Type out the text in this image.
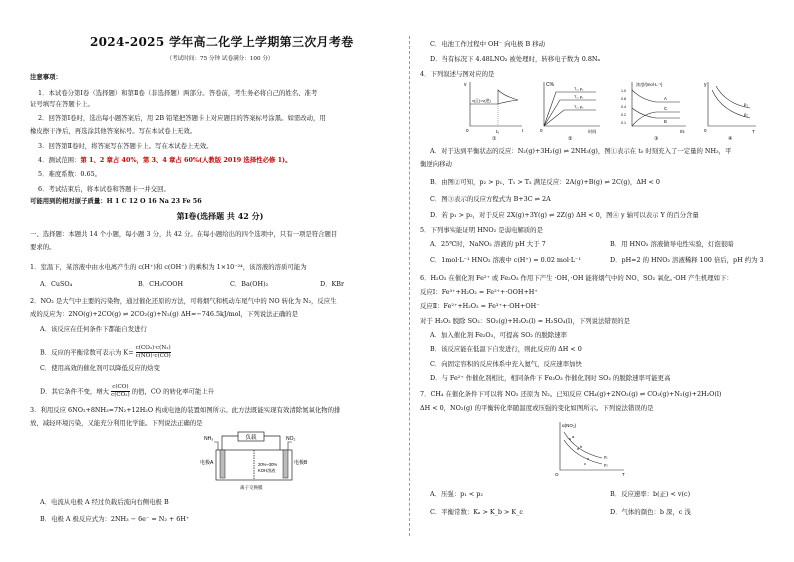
2024-2025 学年高二化学上学期第三次月考卷
（考试时间：75 分钟 试卷满分：100 分）
注意事项：
1．本试卷分第Ⅰ卷（选择题）和第Ⅱ卷（非选择题）两部分。答卷前，考生务必将自己的姓名、准考
证号填写在答题卡上。
2．回答第Ⅰ卷时，选出每小题答案后，用 2B 铅笔把答题卡上对应题目的答案标号涂黑。如需改动，用
橡皮擦干净后，再选涂其他答案标号。写在本试卷上无效。
3．回答第Ⅱ卷时，将答案写在答题卡上。写在本试卷上无效。
4．测试范围：第 1、2 章占 40%，第 3、4 章占 60%(人教版 2019 选择性必修 1)。
5．难度系数：0.65。
6．考试结束后，将本试卷和答题卡一并交回。
可能用到的相对原子质量：H 1 C 12 O 16 Na 23 Fe 56
第Ⅰ卷(选择题 共 42 分)
一、选择题：本题共 14 个小题，每小题 3 分，共 42 分。在每小题给出的四个选项中，只有一项是符合题目
要求的。
1．室温下，某溶液中由水电离产生的 c(H⁺)和 c(OH⁻) 的乘积为 1×10⁻²⁴，该溶液的溶质可能为
A．CuSO₄	B．CH₃COOH	C．Ba(OH)₂	D．KBr
2．NO₂ 是大气中主要的污染物，通过催化还原的方法，可将烟气和机动车尾气中的 NO 转化为 N₂，反应生
成的反应为：2NO(g)+2CO(g) ⇌ 2CO₂(g)+N₂(g) ΔH=−746.5kJ/mol，下列说法正确的是
A．该反应在任何条件下都能自发进行
B．反应的平衡常数可表示为 $K= \frac{\text{c(CO₂)·c(N₂)}}{c(NO)\cdot c(CO)}$
C．使用高效的催化剂可以降低反应的焓变
D．其它条件不变，增大 $\frac{c(CO)}{\text{c(CO₂)}}$ 的值，CO 的转化率可能上升
3．利用反应 6NO₂+8NH₃=7N₂+12H₂O 构成电池的装置如图所示。此方法既能实现有效清除氮氧化物的排
放，减轻环境污染，又能充分利用化学能。下列说法正确的是
负载
NH₃	NO₂
电极A	电极B
20%~30%
KOH溶液
离子交换膜
A．电流从电极 A 经过负载后流向右侧电极 B
B．电极 A 极反应式为：2NH₃ − 6e⁻ = N₂ + 6H⁺
C．电池工作过程中 OH⁻ 向电极 B 移动
D．当有标况下 4.48LNO₂ 被处理时，转移电子数为 0.8Nₐ
4．下列叙述与图对应的是
v
v(正)=v(逆)
t₀	t
0
①
C%
T₁, p₂
T₁, p₁
T₂, p₂
0	时间
②
浓度/(mol·L⁻¹)
A
C
B
1.0
0.8
0.4
0.2
0.1
t/s
③
y
p₁
p₂
0	T
④
A．对于达到平衡状态的反应：N₂(g)+3H₂(g) ⇌ 2NH₃(g)，图①表示在 t₀ 时刻充入了一定量的 NH₃，平
衡逆向移动
B．由图②可知，p₂ > p₁、T₁ > T₂ 满足反应：2A(g)+B(g) ⇌ 2C(g)，ΔH < 0
C．图③表示的反应方程式为 B+3C ⇌ 2A
D．若 p₁ > p₂，对于反应 2X(g)+3Y(g) ⇌ 2Z(g) ΔH < 0，图④ y 轴可以表示 Y 的百分含量
5．下列事实能证明 HNO₂ 是弱电解质的是
A．25℃时，NaNO₂ 溶液的 pH 大于 7	B．用 HNO₂ 溶液做导电性实验，灯泡很暗
C．1mol·L⁻¹ HNO₂ 溶液中 c(H⁺) = 0.02 mol·L⁻¹	D．pH=2 的 HNO₂ 溶液稀释 100 倍后，pH 约为 3
6．H₂O₂ 在催化剂 Fe²⁺ 或 Fe₂O₃ 作用下产生 ·OH，·OH 能将烟气中的 NO、SO₂ 氧化。·OH 产生机理如下：
反应Ⅰ：Fe³⁺+H₂O₂ = Fe²⁺+·OOH+H⁺
反应Ⅱ：Fe²⁺+H₂O₂ = Fe³⁺+·OH+OH⁻
对于 H₂O₂ 脱除 SO₂：SO₂(g)+H₂O₂(l) = H₂SO₄(l)，下列说法错误的是
A．加入催化剂 Fe₂O₃，可提高 SO₂ 的脱除速率
B．该反应能在低温下自发进行，则此反应的 ΔH < 0
C．向固定容积的反应体系中充入氦气，反应速率加快
D．与 Fe²⁺ 作催化剂相比，相同条件下 Fe₂O₃ 作催化剂时 SO₂ 的脱除速率可能更高
7．CH₄ 在催化条件下可以将 NO₂ 还原为 N₂。已知反应 CH₄(g)+2NO₂(g) ⇌ CO₂(g)+N₂(g)+2H₂O(l)
ΔH < 0，NO₂(g) 的平衡转化率随温度或压强的变化如图所示。下列说法错误的是
α(NO₂)
T
O
a
b
c
p₁
p₂
A．压强：p₁ < p₂	B．反应速率：b(正) < v(c)
C．平衡常数：Kₐ > K_b > K_c	D．气体的颜色：b 深，c 浅
